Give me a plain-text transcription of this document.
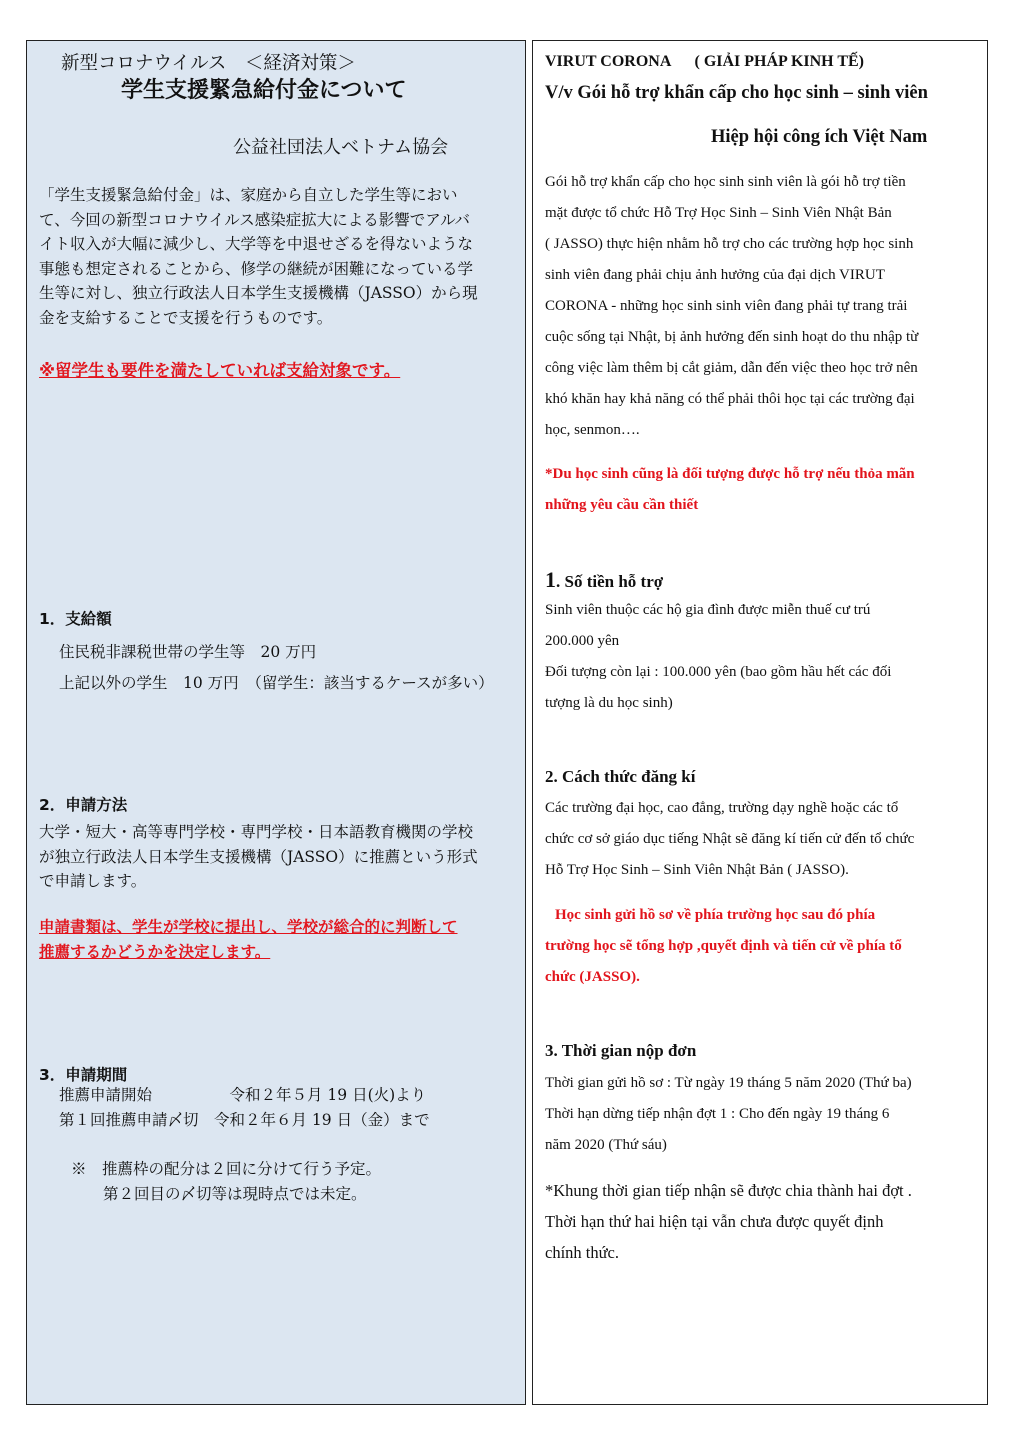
新型コロナウイルス　＜経済対策＞
学生支援緊急給付金について
公益社団法人ベトナム協会
「学生支援緊急給付金」は、家庭から自立した学生等におい
て、今回の新型コロナウイルス感染症拡大による影響でアルバ
イト収入が大幅に減少し、大学等を中退せざるを得ないような
事態も想定されることから、修学の継続が困難になっている学
生等に対し、独立行政法人日本学生支援機構（JASSO）から現
金を支給することで支援を行うものです。
※留学生も要件を満たしていれば支給対象です。
1．支給額
住民税非課税世帯の学生等　20 万円
上記以外の学生　10 万円　（留学生：該当するケースが多い）
2．申請方法
大学・短大・高等専門学校・専門学校・日本語教育機関の学校
が独立行政法人日本学生支援機構（JASSO）に推薦という形式
で申請します。
申請書類は、学生が学校に提出し、学校が総合的に判断して
推薦するかどうかを決定します。
3．申請期間
推薦申請開始　　　　　令和２年５月 19 日(火)より
第１回推薦申請〆切　令和２年６月 19 日（金）まで
※　推薦枠の配分は２回に分けて行う予定。
第２回目の〆切等は現時点では未定。
VIRUT CORONA      ( GIẢI PHÁP KINH TẾ)
V/v Gói hỗ trợ khẩn cấp cho học sinh – sinh viên
Hiệp hội công ích Việt Nam
Gói hỗ trợ khẩn cấp cho học sinh sinh viên là gói hỗ trợ tiền
mặt được tổ chức Hỗ Trợ Học Sinh – Sinh Viên Nhật Bản
( JASSO) thực hiện nhằm hỗ trợ cho các trường hợp học sinh
sinh viên đang phải chịu ảnh hưởng của đại dịch VIRUT
CORONA - những học sinh sinh viên đang phải tự trang trải
cuộc sống tại Nhật, bị ảnh hưởng đến sinh hoạt do thu nhập từ
công việc làm thêm bị cắt giảm, dẫn đến việc theo học trở nên
khó khăn hay khả năng có thể phải thôi học tại các trường đại
học, senmon….
*Du học sinh cũng là đối tượng được hỗ trợ nếu thỏa mãn
những yêu cầu cần thiết
1. Số tiền hỗ trợ
Sinh viên thuộc các hộ gia đình được miễn thuế cư trú
200.000 yên
Đối tượng còn lại : 100.000 yên (bao gồm hầu hết các đối
tượng là du học sinh)
2. Cách thức đăng kí
Các trường đại học, cao đẳng, trường dạy nghề hoặc các tổ
chức cơ sở giáo dục tiếng Nhật sẽ đăng kí tiến cử đến tổ chức
Hỗ Trợ Học Sinh – Sinh Viên Nhật Bản ( JASSO).
Học sinh gửi hồ sơ về phía trường học sau đó phía
trường học sẽ tổng hợp ,quyết định và tiến cử về phía tổ
chức (JASSO).
3. Thời gian nộp đơn
Thời gian gửi hồ sơ : Từ ngày 19 tháng 5 năm 2020 (Thứ ba)
Thời hạn dừng tiếp nhận đợt 1 : Cho đến ngày 19 tháng 6
năm 2020 (Thứ sáu)
*Khung thời gian tiếp nhận sẽ được chia thành hai đợt .
Thời hạn thứ hai hiện tại vẫn chưa được quyết định
chính thức.
